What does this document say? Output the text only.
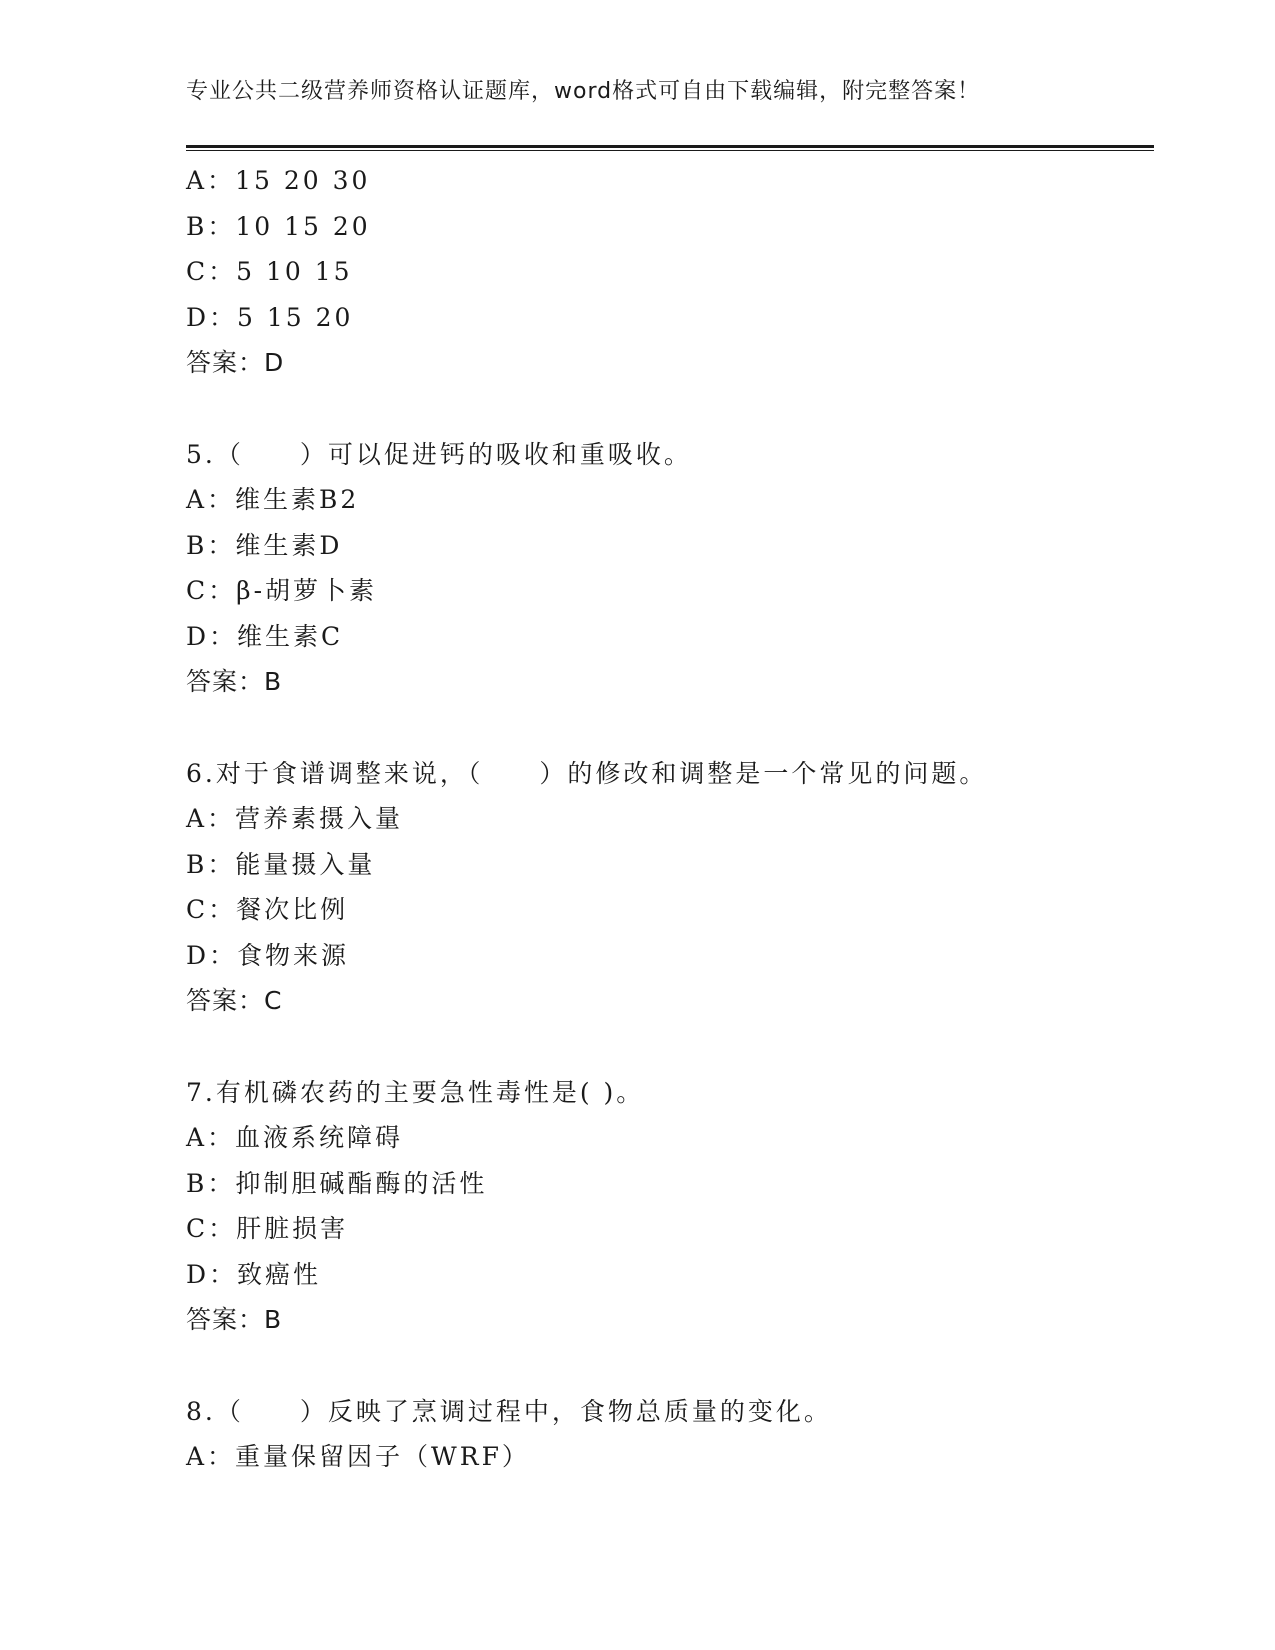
专业公共二级营养师资格认证题库，word格式可自由下载编辑，附完整答案！
A：15 20 30
B：10 15 20
C：5 10 15
D：5 15 20
答案：D
5.（　　）可以促进钙的吸收和重吸收。
A：维生素B2
B：维生素D
C：β-胡萝卜素
D：维生素C
答案：B
6.对于食谱调整来说，（　　）的修改和调整是一个常见的问题。
A：营养素摄入量
B：能量摄入量
C：餐次比例
D：食物来源
答案：C
7.有机磷农药的主要急性毒性是( )。
A：血液系统障碍
B：抑制胆碱酯酶的活性
C：肝脏损害
D：致癌性
答案：B
8.（　　）反映了烹调过程中，食物总质量的变化。
A：重量保留因子（WRF）
